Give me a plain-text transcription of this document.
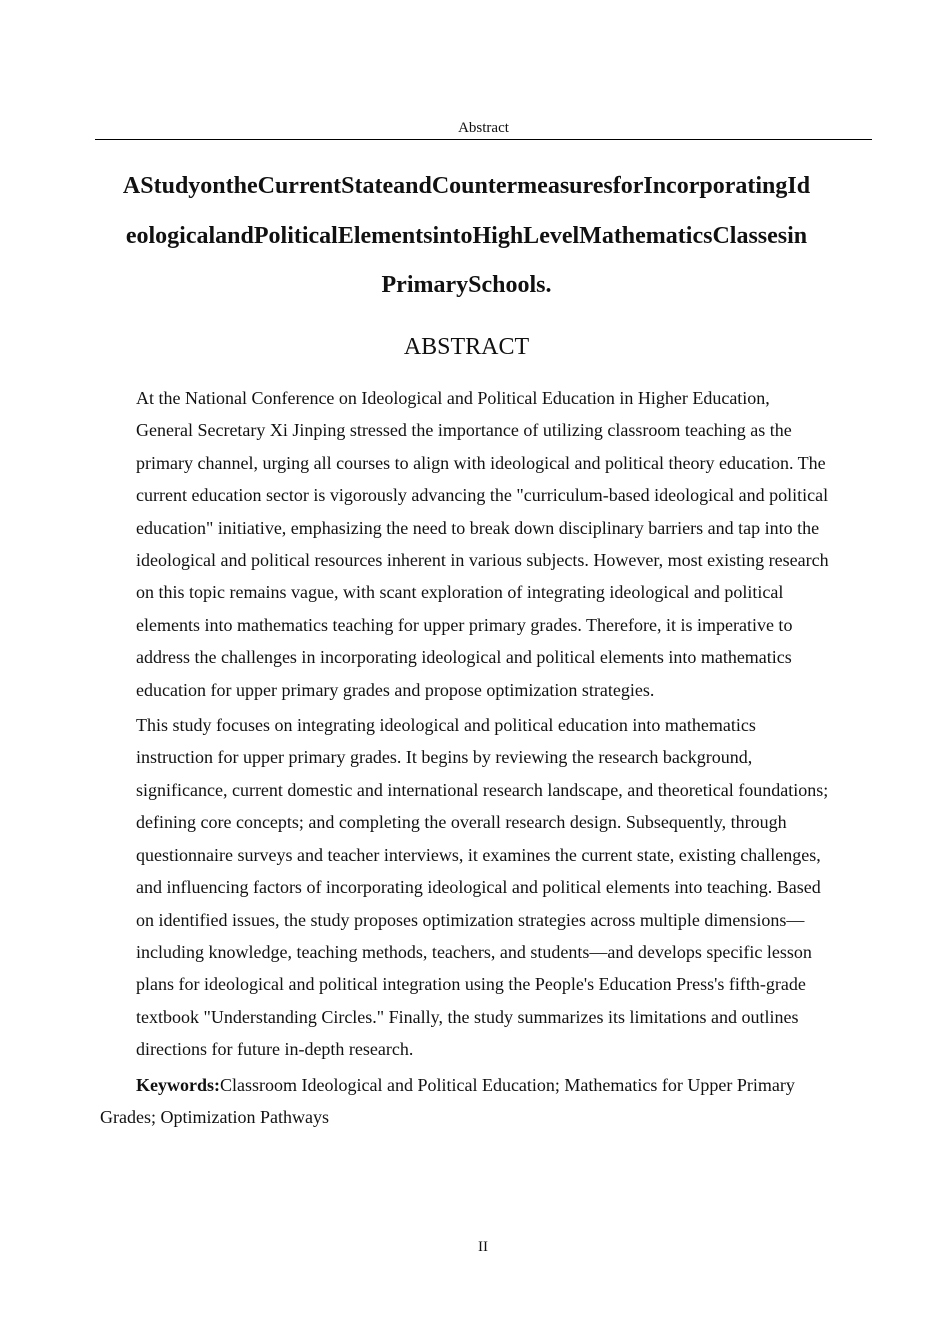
Abstract
AStudyontheCurrentStateandCountermeasuresforIncorporatingId
eologicalandPoliticalElementsintoHighLevelMathematicsClassesin
PrimarySchools.
ABSTRACT
At the National Conference on Ideological and Political Education in Higher Education,
General Secretary Xi Jinping stressed the importance of utilizing classroom teaching as the
primary channel, urging all courses to align with ideological and political theory education. The
current education sector is vigorously advancing the "curriculum-based ideological and political
education" initiative, emphasizing the need to break down disciplinary barriers and tap into the
ideological and political resources inherent in various subjects. However, most existing research
on this topic remains vague, with scant exploration of integrating ideological and political
elements into mathematics teaching for upper primary grades. Therefore, it is imperative to
address the challenges in incorporating ideological and political elements into mathematics
education for upper primary grades and propose optimization strategies.
This study focuses on integrating ideological and political education into mathematics
instruction for upper primary grades. It begins by reviewing the research background,
significance, current domestic and international research landscape, and theoretical foundations;
defining core concepts; and completing the overall research design. Subsequently, through
questionnaire surveys and teacher interviews, it examines the current state, existing challenges,
and influencing factors of incorporating ideological and political elements into teaching. Based
on identified issues, the study proposes optimization strategies across multiple dimensions—
including knowledge, teaching methods, teachers, and students—and develops specific lesson
plans for ideological and political integration using the People's Education Press's fifth-grade
textbook "Understanding Circles." Finally, the study summarizes its limitations and outlines
directions for future in-depth research.
Keywords:Classroom Ideological and Political Education; Mathematics for Upper Primary
Grades; Optimization Pathways
II
